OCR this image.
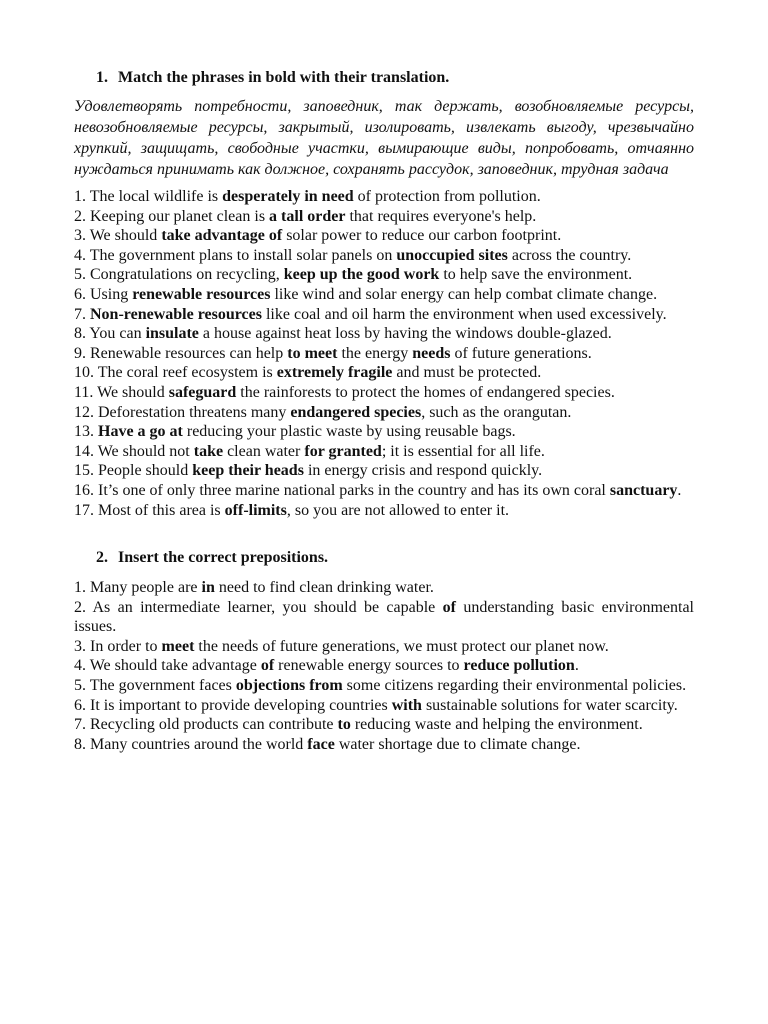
1. Match the phrases in bold with their translation.

Удовлетворять потребности, заповедник, так держать, возобновляемые ресурсы, невозобновляемые ресурсы, закрытый, изолировать, извлекать выгоду, чрезвычайно хрупкий, защищать, свободные участки, вымирающие виды, попробовать, отчаянно нуждаться принимать как должное, сохранять рассудок, заповедник, трудная задача

1. The local wildlife is desperately in need of protection from pollution.

2. Keeping our planet clean is a tall order that requires everyone's help.

3. We should take advantage of solar power to reduce our carbon footprint.

4. The government plans to install solar panels on unoccupied sites across the country.

5. Congratulations on recycling, keep up the good work to help save the environment.

6. Using renewable resources like wind and solar energy can help combat climate change.

7. Non-renewable resources like coal and oil harm the environment when used excessively.

8. You can insulate a house against heat loss by having the windows double-glazed.

9. Renewable resources can help to meet the energy needs of future generations.

10. The coral reef ecosystem is extremely fragile and must be protected.

11. We should safeguard the rainforests to protect the homes of endangered species.

12. Deforestation threatens many endangered species, such as the orangutan.

13. Have a go at reducing your plastic waste by using reusable bags.

14. We should not take clean water for granted; it is essential for all life.

15. People should keep their heads in energy crisis and respond quickly.

16. It’s one of only three marine national parks in the country and has its own coral sanctuary.

17. Most of this area is off-limits, so you are not allowed to enter it.

2. Insert the correct prepositions.

1. Many people are in need to find clean drinking water.

2. As an intermediate learner, you should be capable of understanding basic environmental issues.

3. In order to meet the needs of future generations, we must protect our planet now.

4. We should take advantage of renewable energy sources to reduce pollution.

5. The government faces objections from some citizens regarding their environmental policies.

6. It is important to provide developing countries with sustainable solutions for water scarcity.

7. Recycling old products can contribute to reducing waste and helping the environment.

8. Many countries around the world face water shortage due to climate change.
